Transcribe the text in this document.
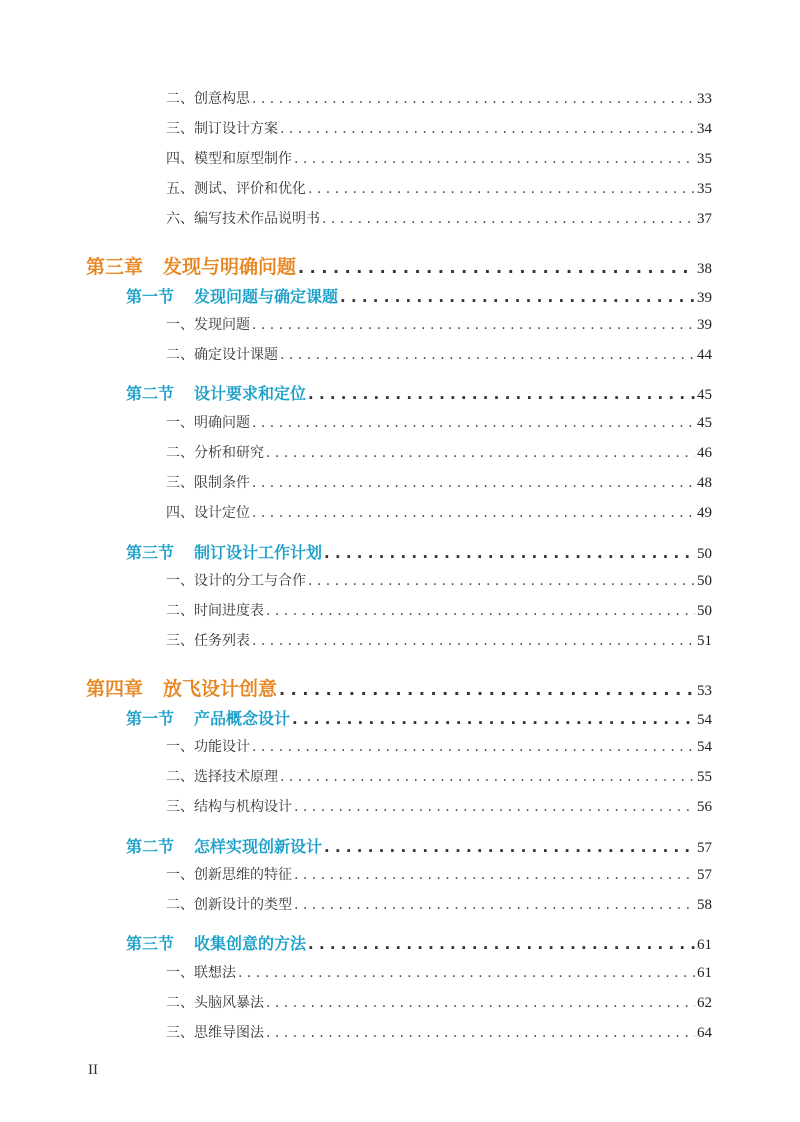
二、创意构思 . . .	33
三、制订设计方案 . . .	34
四、模型和原型制作 . . .	35
五、测试、评价和优化 . . .	35
六、编写技术作品说明书 . . .	37
第三章 发现与明确问题 . . .	38
第一节 发现问题与确定课题 . . .	39
一、发现问题 . . .	39
二、确定设计课题 . . .	44
第二节 设计要求和定位 . . .	45
一、明确问题 . . .	45
二、分析和研究 . . .	46
三、限制条件 . . .	48
四、设计定位 . . .	49
第三节 制订设计工作计划 . . .	50
一、设计的分工与合作 . . .	50
二、时间进度表 . . .	50
三、任务列表 . . .	51
第四章 放飞设计创意 . . .	53
第一节 产品概念设计 . . .	54
一、功能设计 . . .	54
二、选择技术原理 . . .	55
三、结构与机构设计 . . .	56
第二节 怎样实现创新设计 . . .	57
一、创新思维的特征 . . .	57
二、创新设计的类型 . . .	58
第三节 收集创意的方法 . . .	61
一、联想法 . . .	61
二、头脑风暴法 . . .	62
三、思维导图法 . . .	64
II
